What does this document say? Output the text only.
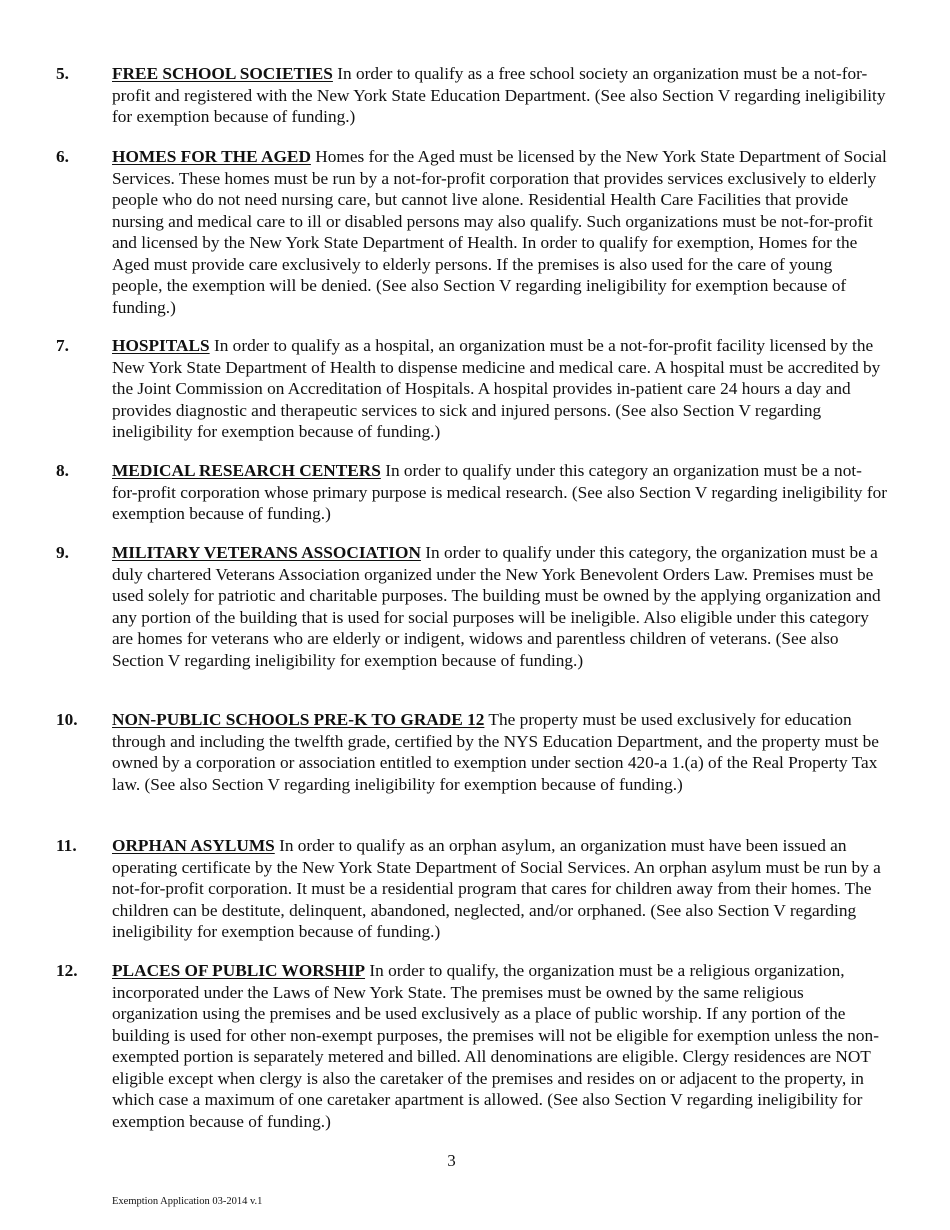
5. FREE SCHOOL SOCIETIES In order to qualify as a free school society an organization must be a not-for-profit and registered with the New York State Education Department. (See also Section V regarding ineligibility for exemption because of funding.)
6. HOMES FOR THE AGED Homes for the Aged must be licensed by the New York State Department of Social Services. These homes must be run by a not-for-profit corporation that provides services exclusively to elderly people who do not need nursing care, but cannot live alone. Residential Health Care Facilities that provide nursing and medical care to ill or disabled persons may also qualify. Such organizations must be not-for-profit and licensed by the New York State Department of Health. In order to qualify for exemption, Homes for the Aged must provide care exclusively to elderly persons. If the premises is also used for the care of young people, the exemption will be denied. (See also Section V regarding ineligibility for exemption because of funding.)
7. HOSPITALS In order to qualify as a hospital, an organization must be a not-for-profit facility licensed by the New York State Department of Health to dispense medicine and medical care. A hospital must be accredited by the Joint Commission on Accreditation of Hospitals. A hospital provides in-patient care 24 hours a day and provides diagnostic and therapeutic services to sick and injured persons. (See also Section V regarding ineligibility for exemption because of funding.)
8. MEDICAL RESEARCH CENTERS In order to qualify under this category an organization must be a not-for-profit corporation whose primary purpose is medical research. (See also Section V regarding ineligibility for exemption because of funding.)
9. MILITARY VETERANS ASSOCIATION In order to qualify under this category, the organization must be a duly chartered Veterans Association organized under the New York Benevolent Orders Law. Premises must be used solely for patriotic and charitable purposes. The building must be owned by the applying organization and any portion of the building that is used for social purposes will be ineligible. Also eligible under this category are homes for veterans who are elderly or indigent, widows and parentless children of veterans. (See also Section V regarding ineligibility for exemption because of funding.)
10. NON-PUBLIC SCHOOLS PRE-K TO GRADE 12 The property must be used exclusively for education through and including the twelfth grade, certified by the NYS Education Department, and the property must be owned by a corporation or association entitled to exemption under section 420-a 1.(a) of the Real Property Tax law. (See also Section V regarding ineligibility for exemption because of funding.)
11. ORPHAN ASYLUMS In order to qualify as an orphan asylum, an organization must have been issued an operating certificate by the New York State Department of Social Services. An orphan asylum must be run by a not-for-profit corporation. It must be a residential program that cares for children away from their homes. The children can be destitute, delinquent, abandoned, neglected, and/or orphaned. (See also Section V regarding ineligibility for exemption because of funding.)
12. PLACES OF PUBLIC WORSHIP In order to qualify, the organization must be a religious organization, incorporated under the Laws of New York State. The premises must be owned by the same religious organization using the premises and be used exclusively as a place of public worship. If any portion of the building is used for other non-exempt purposes, the premises will not be eligible for exemption unless the non-exempted portion is separately metered and billed. All denominations are eligible. Clergy residences are NOT eligible except when clergy is also the caretaker of the premises and resides on or adjacent to the property, in which case a maximum of one caretaker apartment is allowed. (See also Section V regarding ineligibility for exemption because of funding.)
3
Exemption Application 03-2014 v.1
